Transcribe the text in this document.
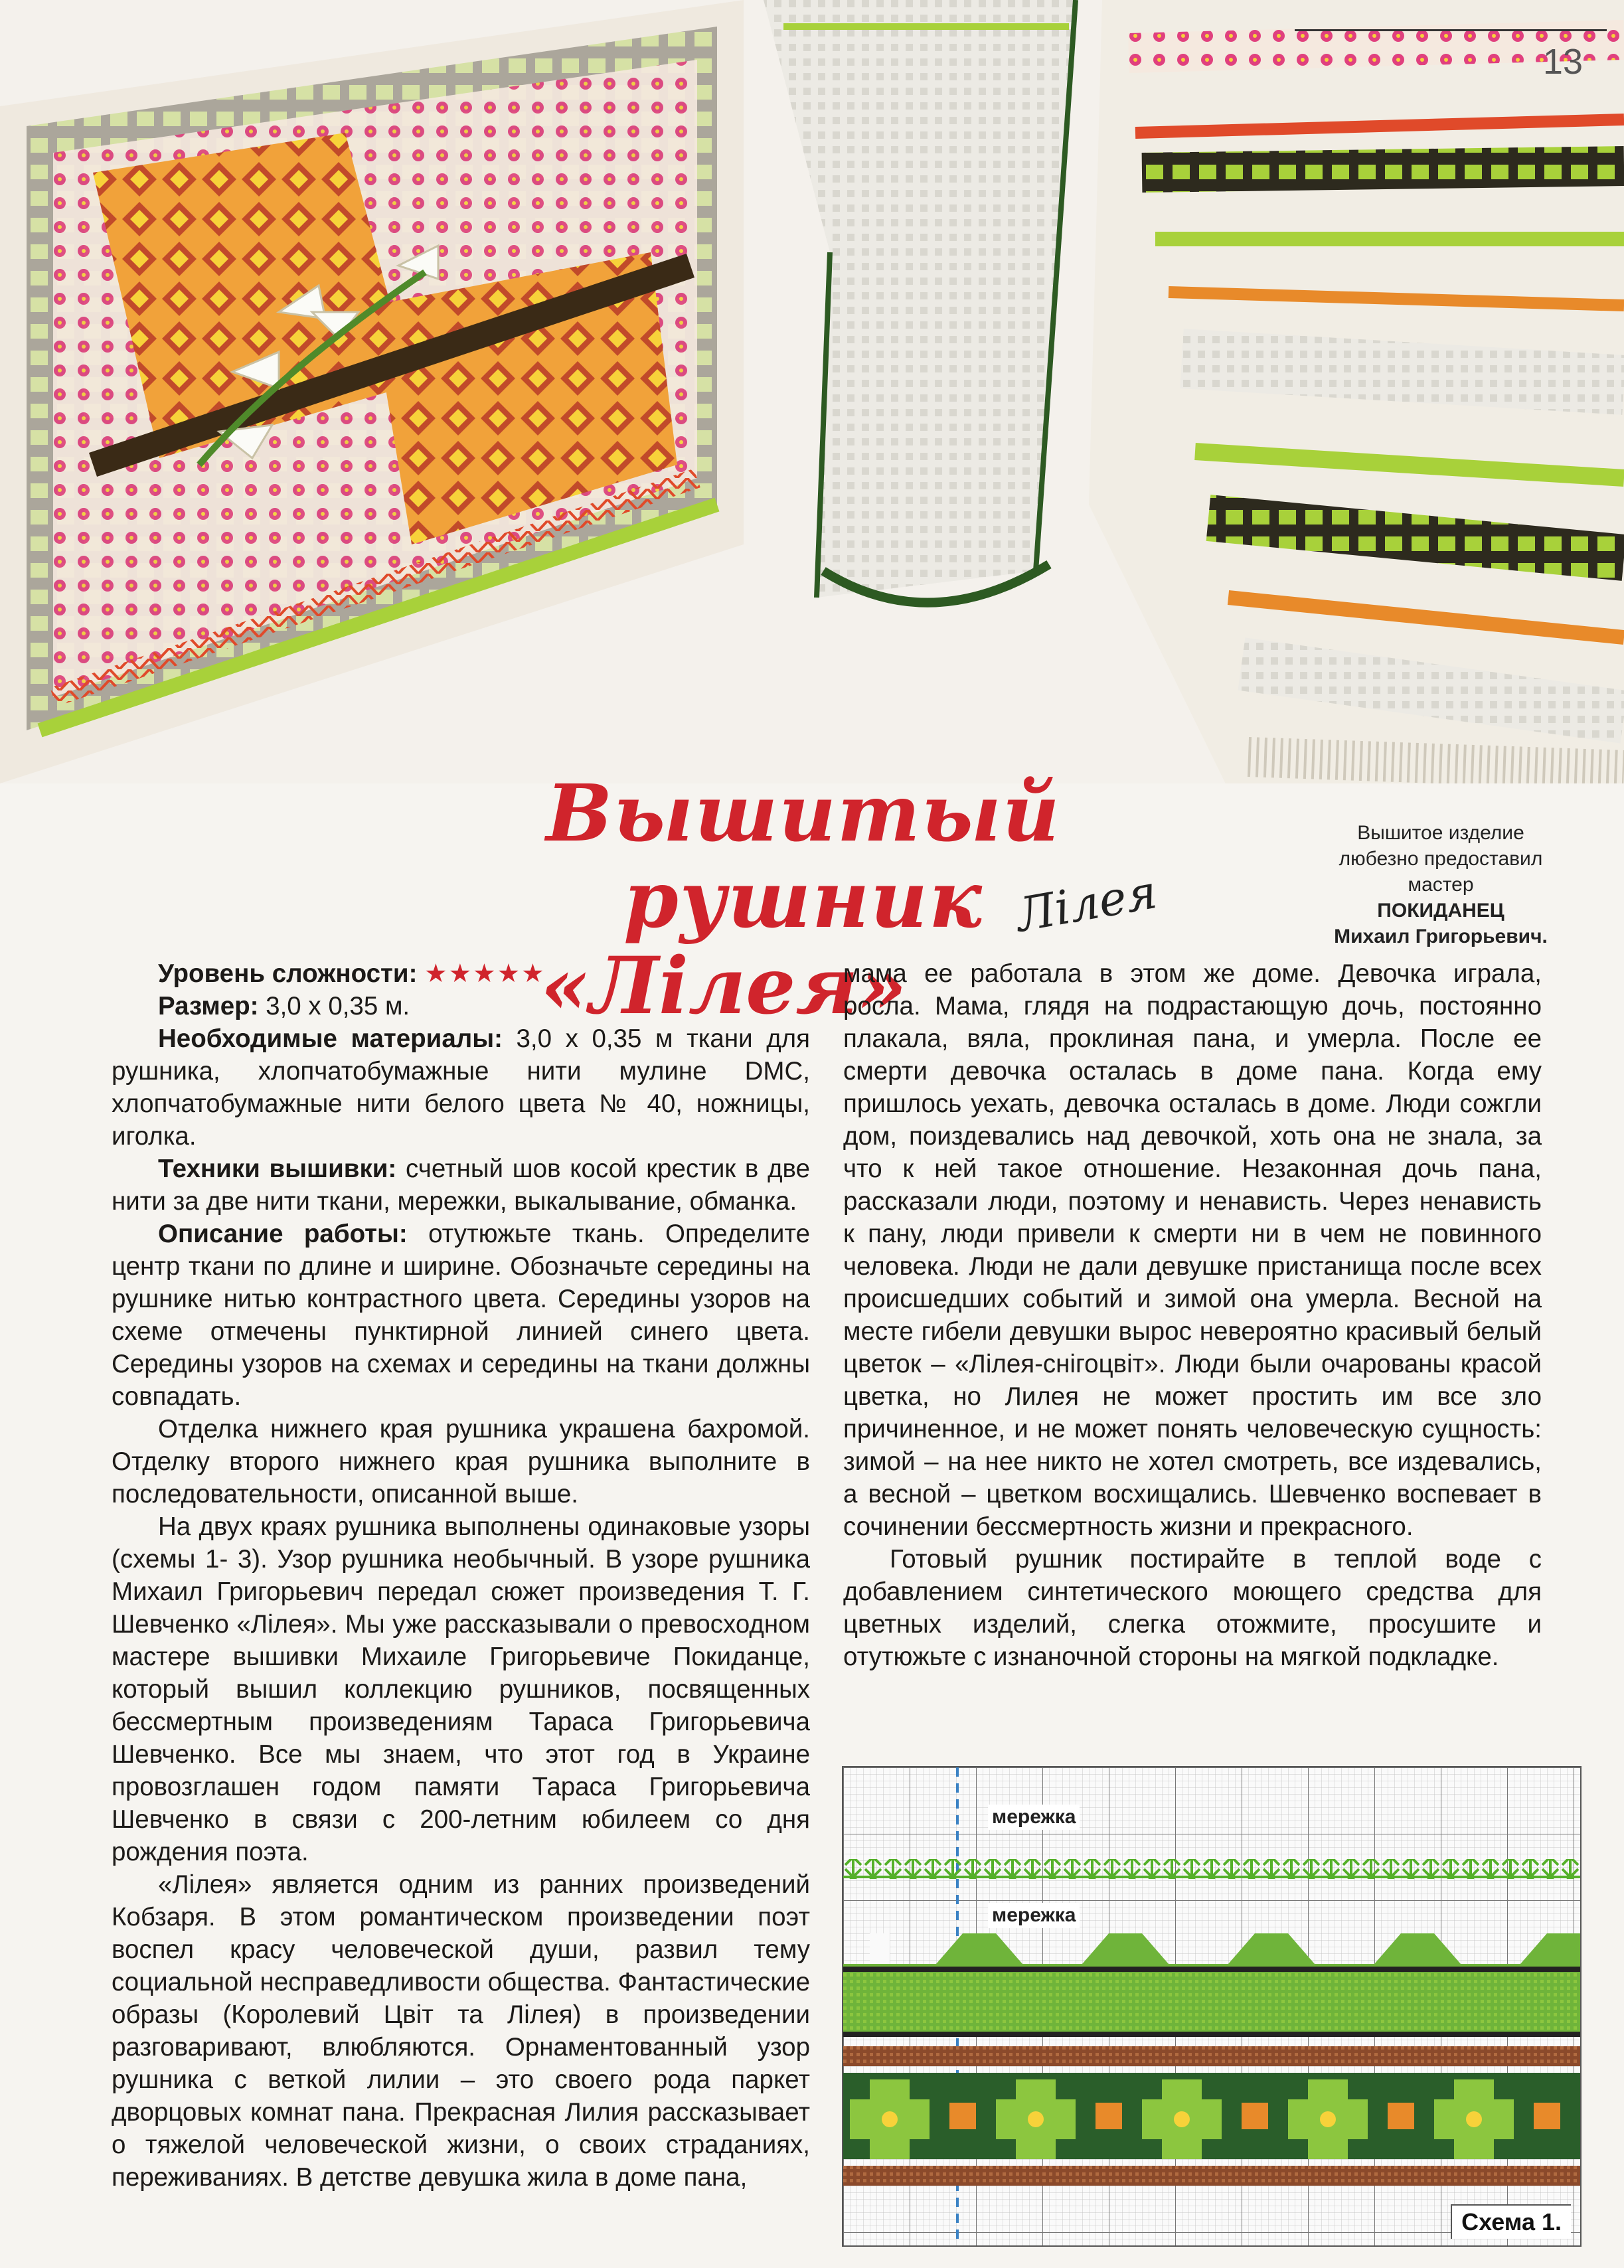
13
Вышитый рушник
«Лілея»
Лілея
Вышитое изделие
любезно предоставил
мастер
ПОКИДАНЕЦ
Михаил Григорьевич.

Уровень сложности: ★★★★★

Размер: 3,0 x 0,35 м.

Необходимые материалы: 3,0 х 0,35 м ткани для рушника, хлопчатобумажные нити мулине DMC, хлопчатобумажные нити белого цвета № 40, ножницы, иголка.

Техники вышивки: счетный шов косой крестик в две нити за две нити ткани, мережки, выкалывание, обманка.

Описание работы: отутюжьте ткань. Определите центр ткани по длине и ширине. Обозначьте середины на рушнике нитью контрастного цвета. Середины узоров на схеме отмечены пунктирной линией синего цвета. Середины узоров на схемах и середины на ткани должны совпадать.

Отделка нижнего края рушника украшена бахромой. Отделку второго нижнего края рушника выполните в последовательности, описанной выше.

На двух краях рушника выполнены одинаковые узоры (схемы 1- 3). Узор рушника необычный. В узоре рушника Михаил Григорьевич передал сюжет произведения Т. Г. Шевченко «Лілея». Мы уже рассказывали о превосходном мастере вышивки Михаиле Григорьевиче Покиданце, который вышил коллекцию рушников, посвященных бессмертным произведениям Тараса Григорьевича Шевченко. Все мы знаем, что этот год в Украине провозглашен годом памяти Тараса Григорьевича Шевченко в связи с 200-летним юбилеем со дня рождения поэта.

«Лілея» является одним из ранних произведений Кобзаря. В этом романтическом произведении поэт воспел красу человеческой души, развил тему социальной несправедливости общества. Фантастические образы (Королевий Цвіт та Лілея) в произведении разговаривают, влюбляются. Орнаментованный узор рушника с веткой лилии – это своего рода паркет дворцовых комнат пана. Прекрасная Лилия рассказывает о тяжелой человеческой жизни, о своих страданиях, переживаниях. В детстве девушка жила в доме пана,

мама ее работала в этом же доме. Девочка играла, росла. Мама, глядя на подрастающую дочь, постоянно плакала, вяла, проклиная пана, и умерла. После ее смерти девочка осталась в доме пана. Когда ему пришлось уехать, девочка осталась в доме. Люди сожгли дом, поиздевались над девочкой, хоть она не знала, за что к ней такое отношение. Незаконная дочь пана, рассказали люди, поэтому и ненависть. Через ненависть к пану, люди привели к смерти ни в чем не повинного человека. Люди не дали девушке пристанища после всех происшедших событий и зимой она умерла. Весной на месте гибели девушки вырос невероятно красивый белый цветок – «Лілея-снігоцвіт». Люди были очарованы красой цветка, но Лилея не может простить им все зло причиненное, и не может понять человеческую сущность: зимой – на нее никто не хотел смотреть, все издевались, а весной – цветком восхищались. Шевченко воспевает в сочинении бессмертность жизни и прекрасного.

Готовый рушник постирайте в теплой воде с добавлением синтетического моющего средства для цветных изделий, слегка отожмите, просушите и отутюжьте с изнаночной стороны на мягкой подкладке.

мережка
мережка
Схема 1.
